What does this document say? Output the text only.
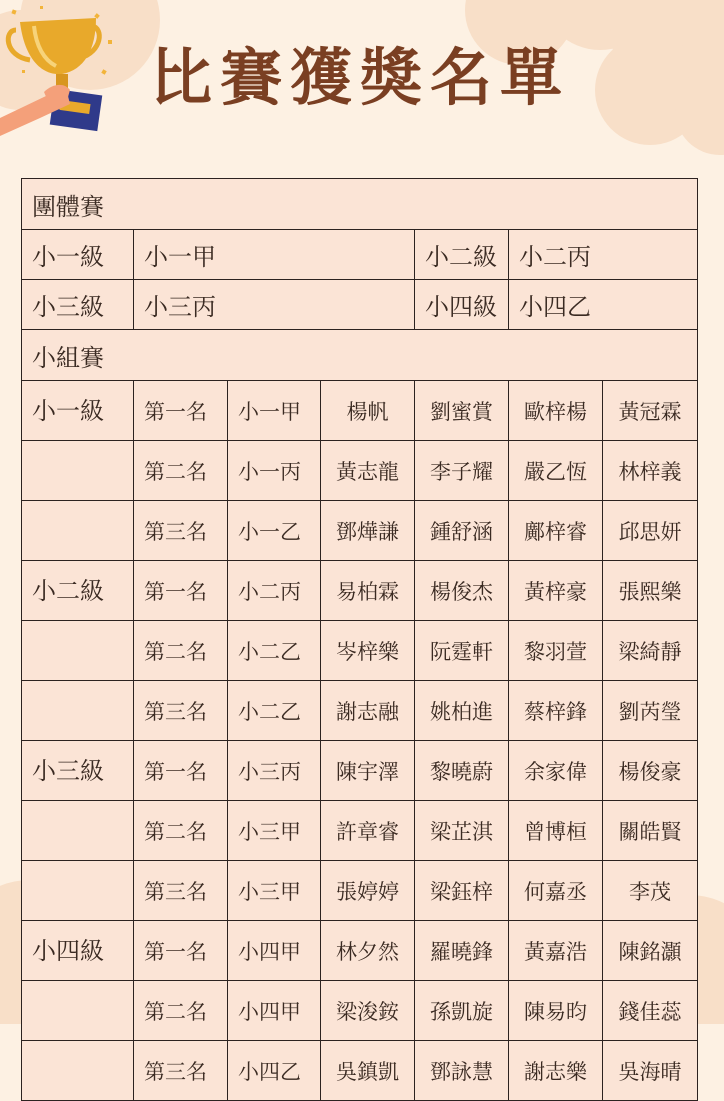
比賽獲獎名單
團體賽						
小一級	小一甲			小二級	小二丙	
小三級	小三丙			小四級	小四乙	
小組賽						
小一級	第一名	小一甲	楊帆	劉蜜賞	歐梓楊	黃冠霖
	第二名	小一丙	黃志龍	李子耀	嚴乙恆	林梓義
	第三名	小一乙	鄧燁謙	鍾舒涵	鄺梓睿	邱思妍
小二級	第一名	小二丙	易柏霖	楊俊杰	黃梓豪	張熙樂
	第二名	小二乙	岑梓樂	阮霆軒	黎羽萱	梁綺靜
	第三名	小二乙	謝志融	姚柏進	蔡梓鋒	劉芮瑩
小三級	第一名	小三丙	陳宇澤	黎曉蔚	余家偉	楊俊豪
	第二名	小三甲	許章睿	梁芷淇	曾博桓	關皓賢
	第三名	小三甲	張婷婷	梁鈺梓	何嘉丞	李茂
小四級	第一名	小四甲	林夕然	羅曉鋒	黃嘉浩	陳銘灝
	第二名	小四甲	梁浚銨	孫凱旋	陳易昀	錢佳蕊
	第三名	小四乙	吳鎮凱	鄧詠慧	謝志樂	吳海晴
